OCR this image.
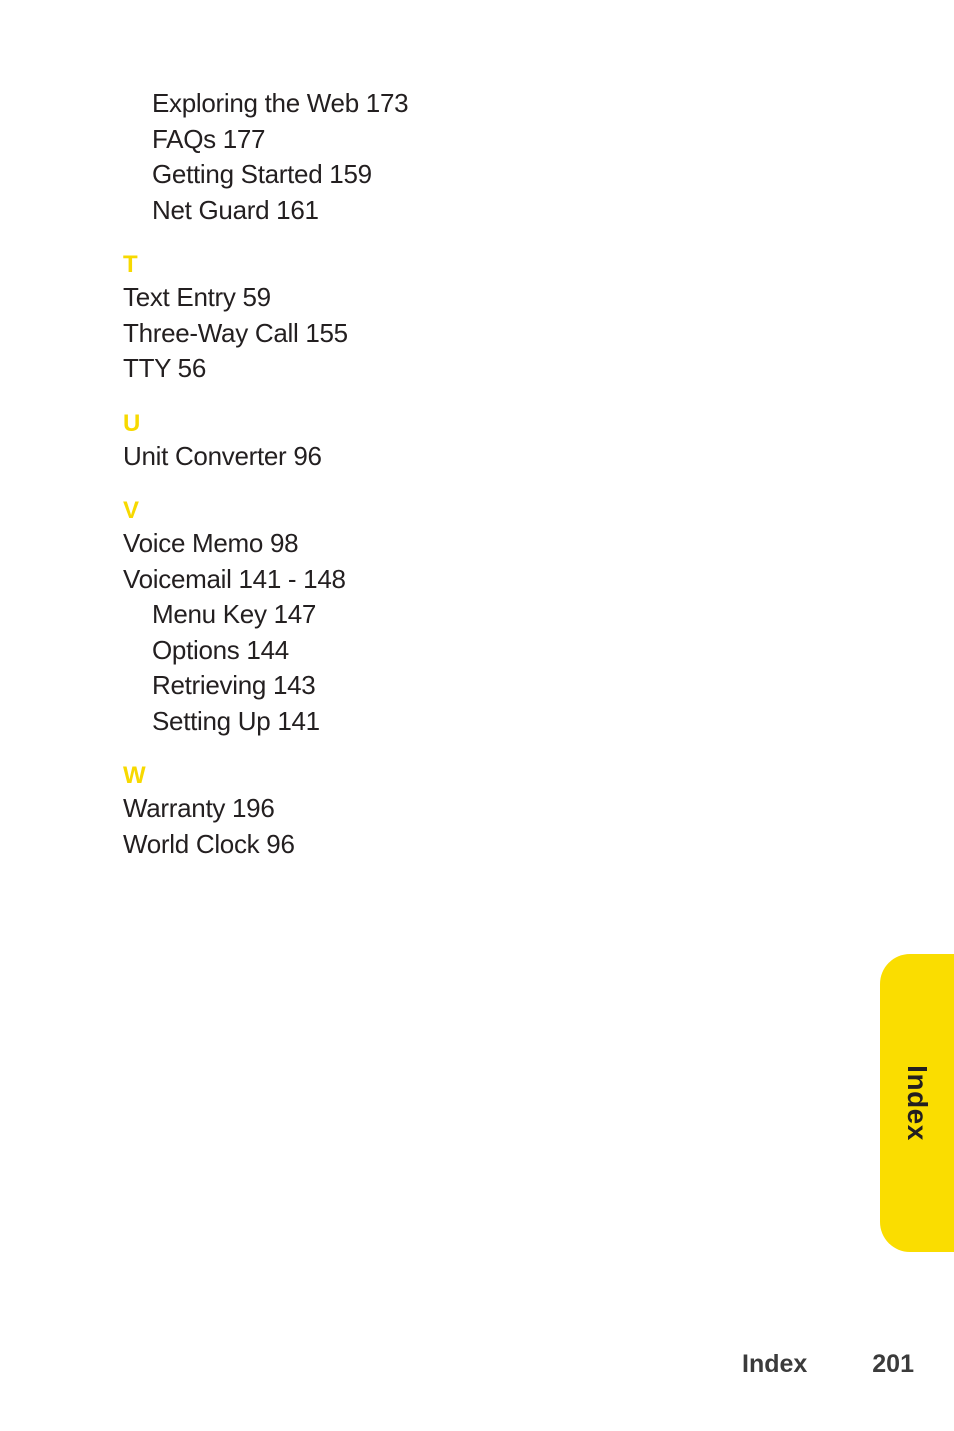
Exploring the Web 173
FAQs 177
Getting Started 159
Net Guard 161
T
Text Entry 59
Three-Way Call 155
TTY 56
U
Unit Converter 96
V
Voice Memo 98
Voicemail 141 - 148
Menu Key 147
Options 144
Retrieving 143
Setting Up 141
W
Warranty 196
World Clock 96
Index
Index	201
